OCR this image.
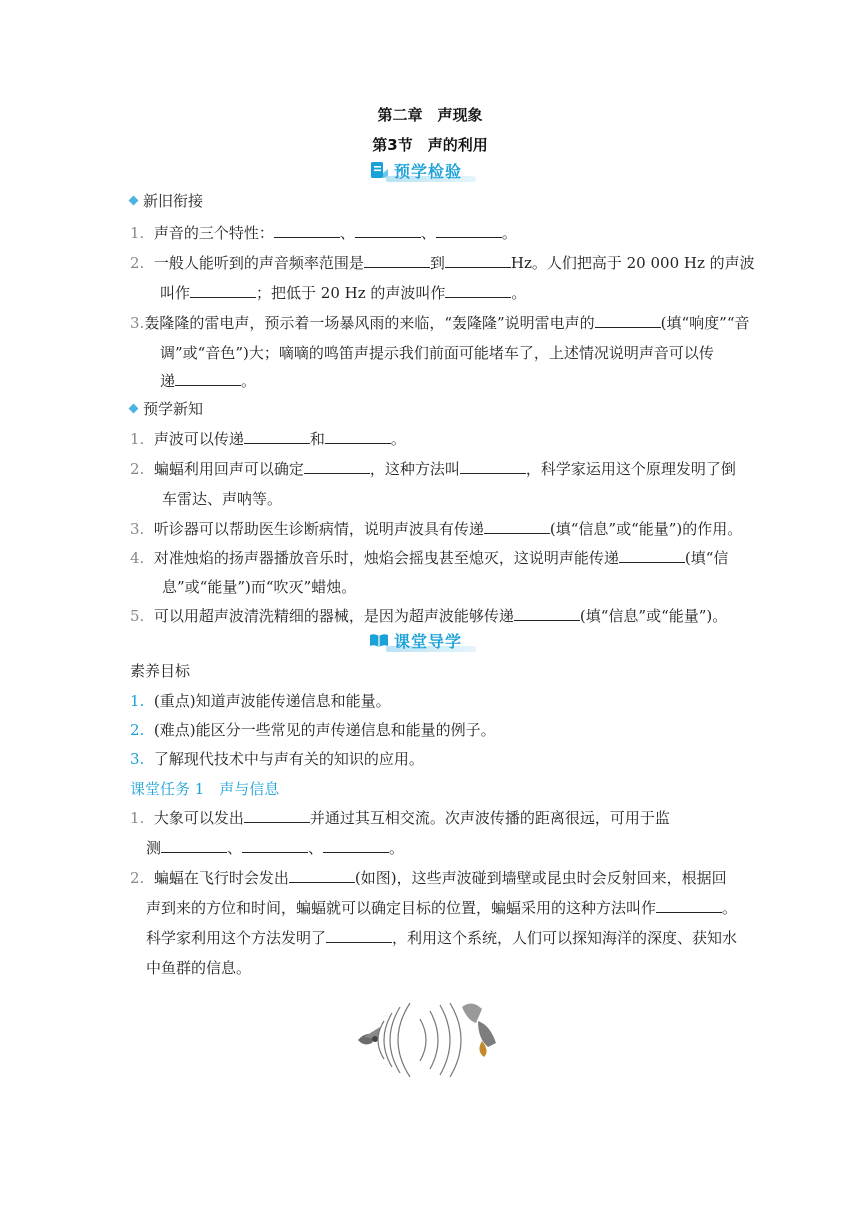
第二章　声现象
第3节　声的利用
预学检验
新旧衔接
1. 声音的三个特性：	、	、	。
2. 一般人能听到的声音频率范围是	到	Hz。人们把高于 20 000 Hz 的声波
叫作	；把低于 20 Hz 的声波叫作	。
3.轰隆隆的雷电声，预示着一场暴风雨的来临，“轰隆隆”说明雷电声的	(填“响度”“音
调”或“音色”)大；嘀嘀的鸣笛声提示我们前面可能堵车了，上述情况说明声音可以传
递	。
预学新知
1. 声波可以传递	和	。
2. 蝙蝠利用回声可以确定	，这种方法叫	，科学家运用这个原理发明了倒
车雷达、声呐等。
3. 听诊器可以帮助医生诊断病情，说明声波具有传递	(填“信息”或“能量”)的作用。
4. 对准烛焰的扬声器播放音乐时，烛焰会摇曳甚至熄灭，这说明声能传递	(填“信
息”或“能量”)而“吹灭”蜡烛。
5. 可以用超声波清洗精细的器械，是因为超声波能够传递	(填“信息”或“能量”)。
课堂导学
素养目标
1. (重点)知道声波能传递信息和能量。
2. (难点)能区分一些常见的声传递信息和能量的例子。
3. 了解现代技术中与声有关的知识的应用。
课堂任务 1　声与信息
1. 大象可以发出	并通过其互相交流。次声波传播的距离很远，可用于监
测	、	、	。
2. 蝙蝠在飞行时会发出	(如图)，这些声波碰到墙壁或昆虫时会反射回来，根据回
声到来的方位和时间，蝙蝠就可以确定目标的位置，蝙蝠采用的这种方法叫作	。
科学家利用这个方法发明了	，利用这个系统，人们可以探知海洋的深度、获知水
中鱼群的信息。
